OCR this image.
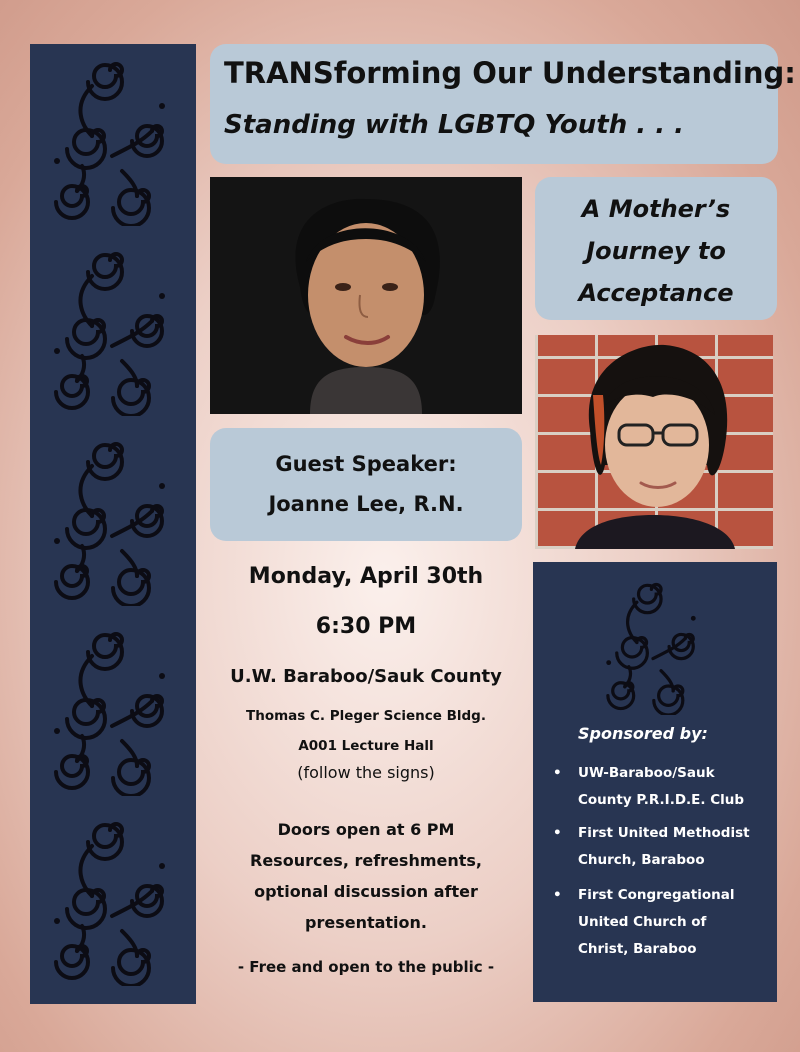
TRANSforming Our Understanding:
Standing with LGBTQ Youth . . .
A Mother’s
Journey to
Acceptance
Guest Speaker:
Joanne Lee, R.N.
Monday, April 30th
6:30 PM
U.W. Baraboo/Sauk County
Thomas C. Pleger Science Bldg.
A001 Lecture Hall
(follow the signs)
Doors open at 6 PM
Resources, refreshments,
optional discussion after
presentation.
- Free and open to the public -
Sponsored by:
• UW-Baraboo/Sauk
County P.R.I.D.E. Club
• First United Methodist
Church, Baraboo
• First Congregational
United Church of
Christ, Baraboo
